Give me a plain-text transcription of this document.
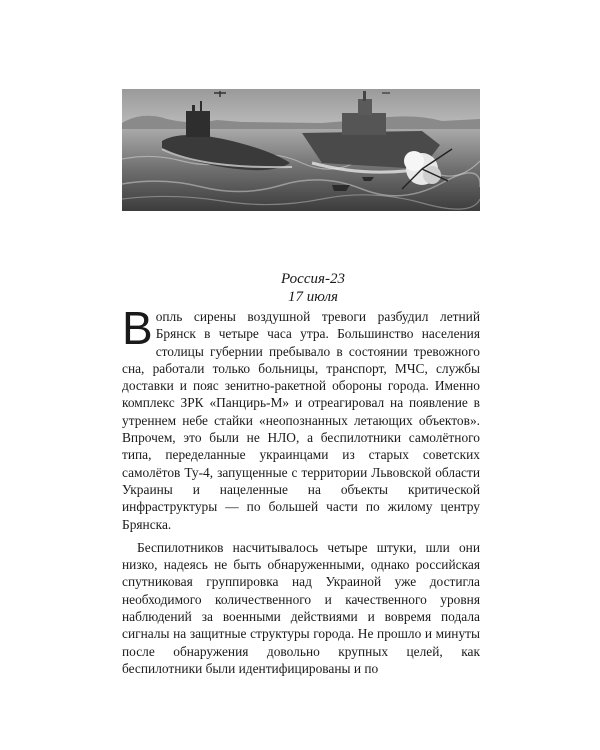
Россия-23
17 июля

Вопль сирены воздушной тревоги разбудил летний Брянск в четыре часа утра. Большинство населения столицы губернии пребывало в состоянии тревожного сна, работали только больницы, транспорт, МЧС, службы доставки и пояс зенитно-ракетной обороны города. Именно комплекс ЗРК «Панцирь-М» и отреагировал на появление в утреннем небе стайки «неопознанных летающих объектов». Впрочем, это были не НЛО, а беспилотники самолётного типа, переделанные украинцами из старых советских самолётов Ту-4, запущенные с территории Львовской области Украины и нацеленные на объекты критической инфраструктуры — по большей части по жилому центру Брянска.

Беспилотников насчитывалось четыре штуки, шли они низко, надеясь не быть обнаруженными, однако российская спутниковая группировка над Украиной уже достигла необходимого количественного и качественного уровня наблюдений за военными действиями и вовремя подала сигналы на защитные структуры города. Не прошло и минуты после обнаружения довольно крупных целей, как беспилотники были идентифицированы и по
